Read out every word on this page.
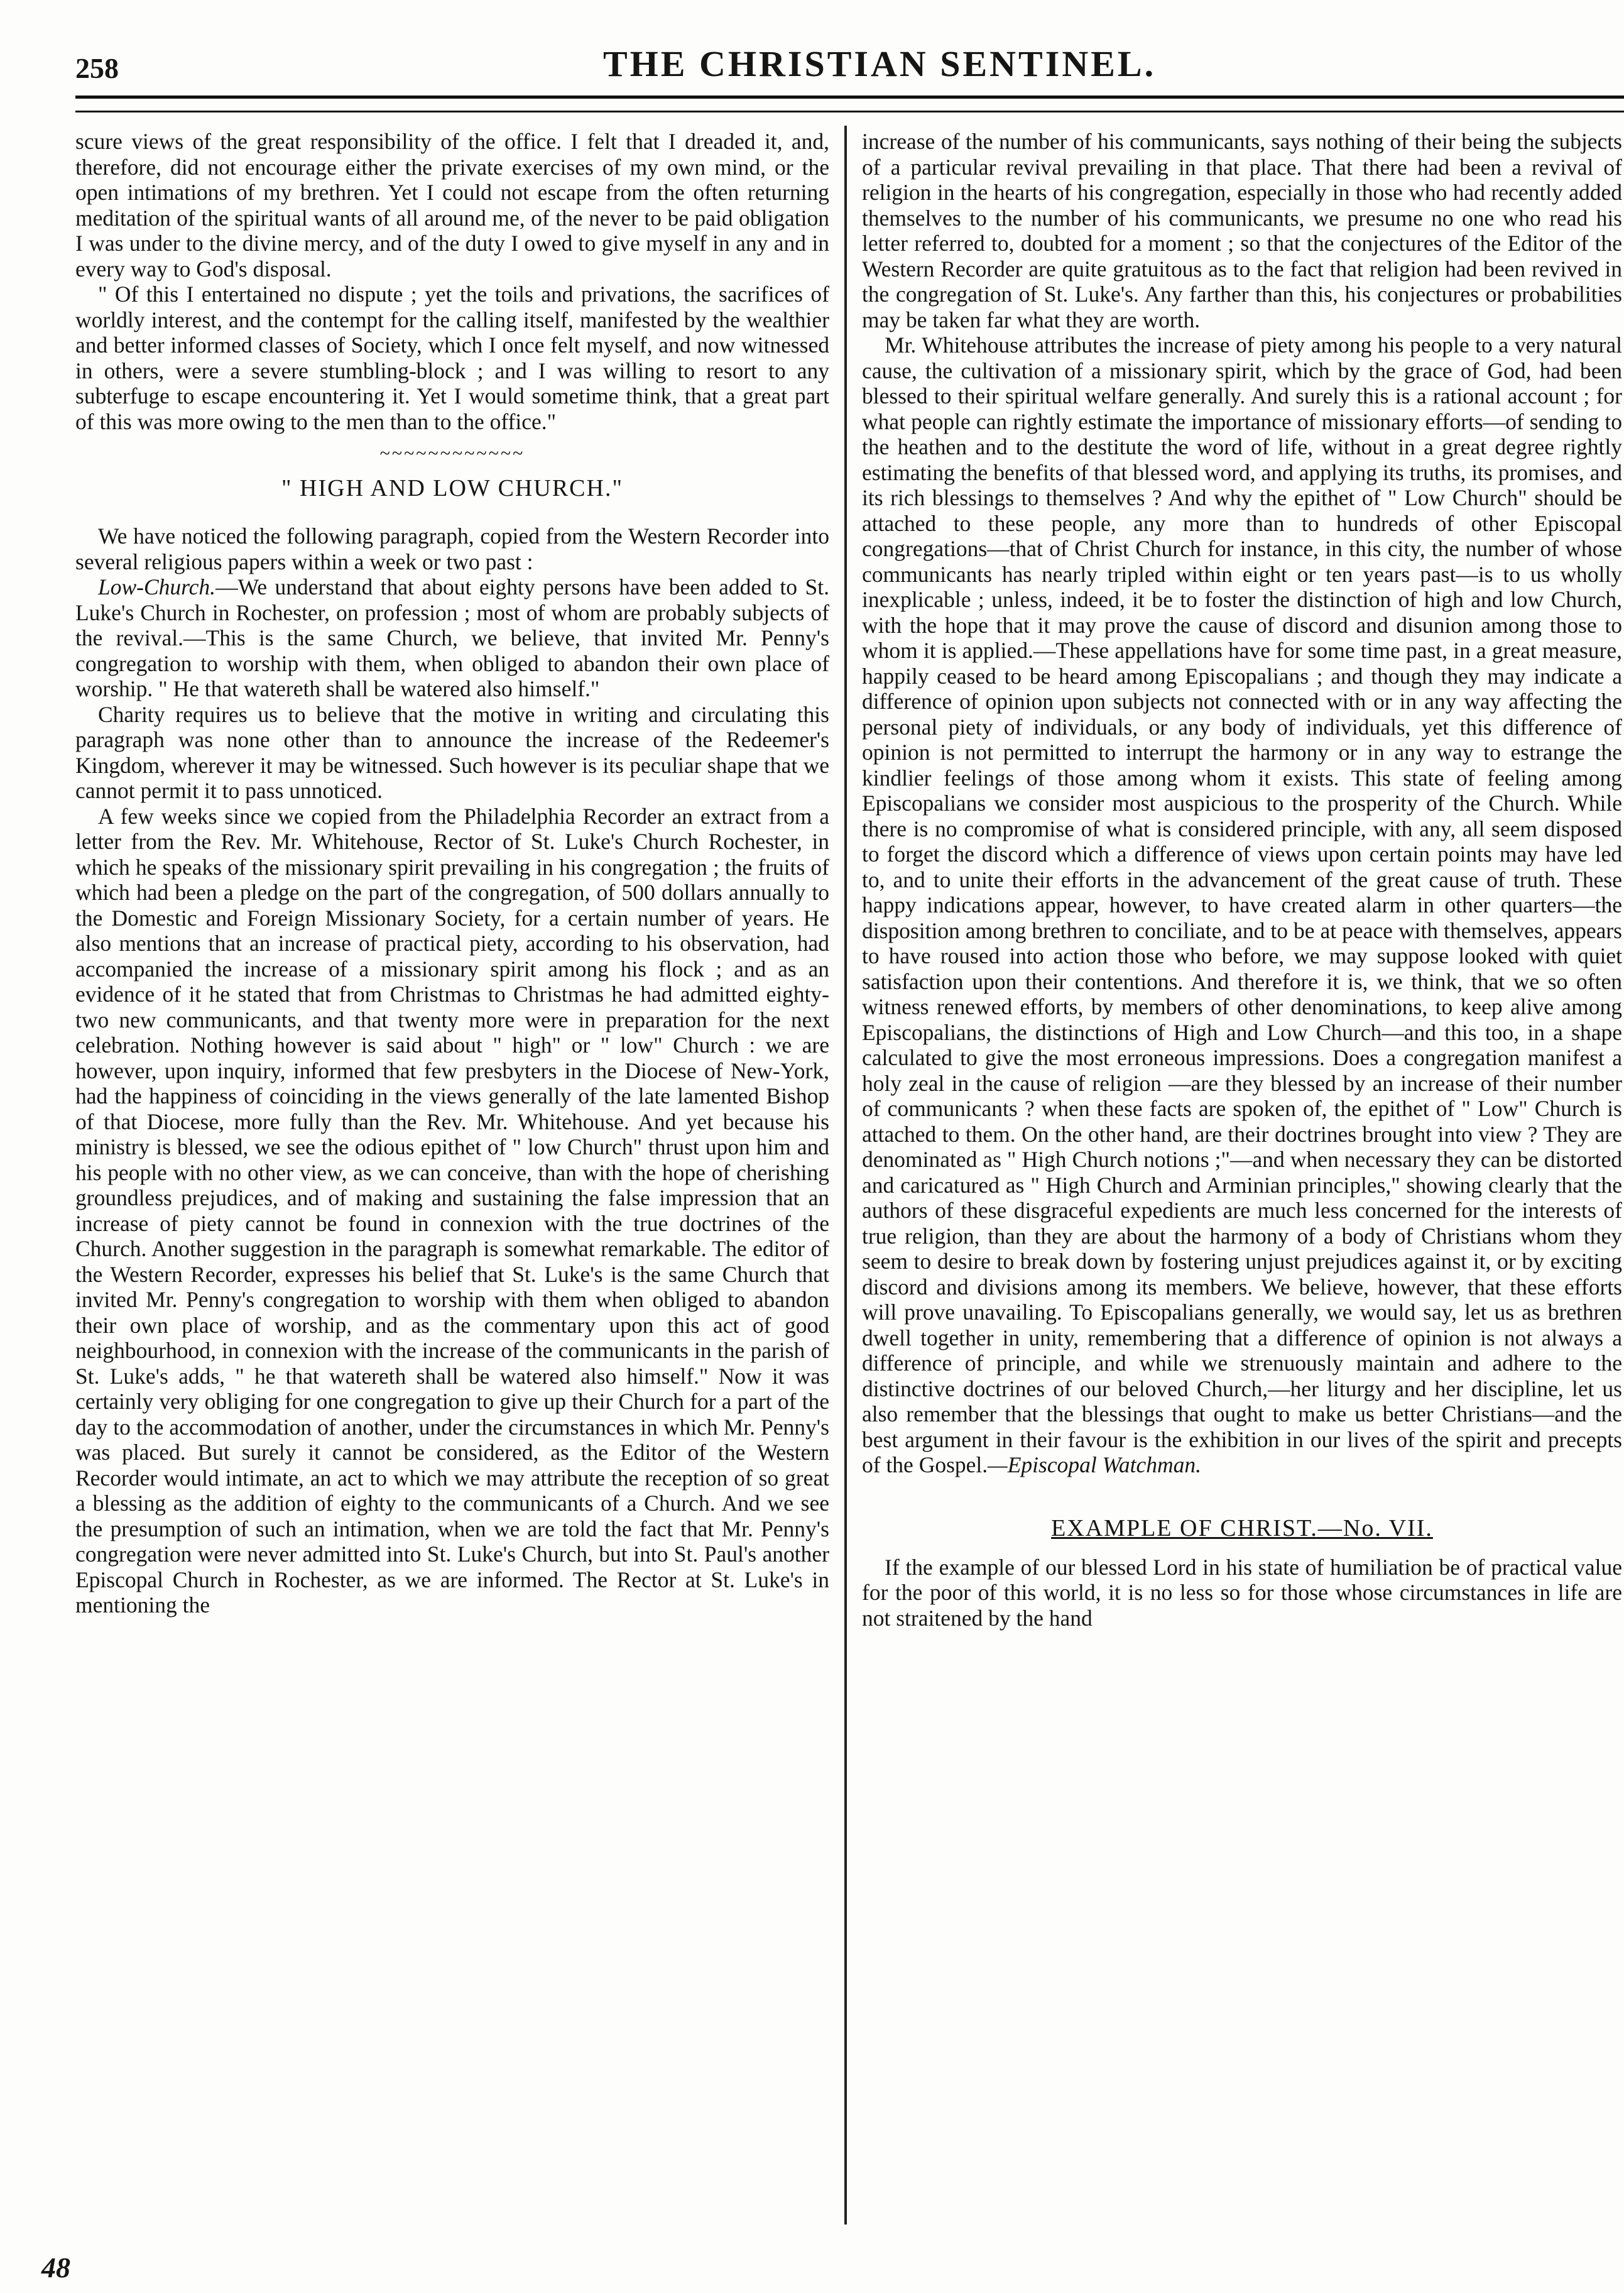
258	THE CHRISTIAN SENTINEL.

scure views of the great responsibility of the office. I felt that I dreaded it, and, therefore, did not encourage either the private exercises of my own mind, or the open intimations of my brethren. Yet I could not escape from the often returning meditation of the spiritual wants of all around me, of the never to be paid obligation I was under to the divine mercy, and of the duty I owed to give myself in any and in every way to God's disposal.

" Of this I entertained no dispute ; yet the toils and privations, the sacrifices of worldly interest, and the contempt for the calling itself, manifested by the wealthier and better informed classes of Society, which I once felt myself, and now witnessed in others, were a severe stumbling-block ; and I was willing to resort to any subterfuge to escape encountering it. Yet I would sometime think, that a great part of this was more owing to the men than to the office."

~~~~~~~~~~~~
" HIGH AND LOW CHURCH."

We have noticed the following paragraph, copied from the Western Recorder into several religious papers within a week or two past :

Low-Church.—We understand that about eighty persons have been added to St. Luke's Church in Rochester, on profession ; most of whom are probably subjects of the revival.—This is the same Church, we believe, that invited Mr. Penny's congregation to worship with them, when obliged to abandon their own place of worship. " He that watereth shall be watered also himself."

Charity requires us to believe that the motive in writing and circulating this paragraph was none other than to announce the increase of the Redeemer's Kingdom, wherever it may be witnessed. Such however is its peculiar shape that we cannot permit it to pass unnoticed.

A few weeks since we copied from the Philadelphia Recorder an extract from a letter from the Rev. Mr. Whitehouse, Rector of St. Luke's Church Rochester, in which he speaks of the missionary spirit prevailing in his congregation ; the fruits of which had been a pledge on the part of the congregation, of 500 dollars annually to the Domestic and Foreign Missionary Society, for a certain number of years. He also mentions that an increase of practical piety, according to his observation, had accompanied the increase of a missionary spirit among his flock ; and as an evidence of it he stated that from Christmas to Christmas he had admitted eighty-two new communicants, and that twenty more were in preparation for the next celebration. Nothing however is said about " high" or " low" Church : we are however, upon inquiry, informed that few presbyters in the Diocese of New-York, had the happiness of coinciding in the views generally of the late lamented Bishop of that Diocese, more fully than the Rev. Mr. Whitehouse. And yet because his ministry is blessed, we see the odious epithet of " low Church" thrust upon him and his people with no other view, as we can conceive, than with the hope of cherishing groundless prejudices, and of making and sustaining the false impression that an increase of piety cannot be found in connexion with the true doctrines of the Church. Another suggestion in the paragraph is somewhat remarkable. The editor of the Western Recorder, expresses his belief that St. Luke's is the same Church that invited Mr. Penny's congregation to worship with them when obliged to abandon their own place of worship, and as the commentary upon this act of good neighbourhood, in connexion with the increase of the communicants in the parish of St. Luke's adds, " he that watereth shall be watered also himself." Now it was certainly very obliging for one congregation to give up their Church for a part of the day to the accommodation of another, under the circumstances in which Mr. Penny's was placed. But surely it cannot be considered, as the Editor of the Western Recorder would intimate, an act to which we may attribute the reception of so great a blessing as the addition of eighty to the communicants of a Church. And we see the presumption of such an intimation, when we are told the fact that Mr. Penny's congregation were never admitted into St. Luke's Church, but into St. Paul's another Episcopal Church in Rochester, as we are informed. The Rector at St. Luke's in mentioning the

increase of the number of his communicants, says nothing of their being the subjects of a particular revival prevailing in that place. That there had been a revival of religion in the hearts of his congregation, especially in those who had recently added themselves to the number of his communicants, we presume no one who read his letter referred to, doubted for a moment ; so that the conjectures of the Editor of the Western Recorder are quite gratuitous as to the fact that religion had been revived in the congregation of St. Luke's. Any farther than this, his conjectures or probabilities may be taken far what they are worth.

Mr. Whitehouse attributes the increase of piety among his people to a very natural cause, the cultivation of a missionary spirit, which by the grace of God, had been blessed to their spiritual welfare generally. And surely this is a rational account ; for what people can rightly estimate the importance of missionary efforts—of sending to the heathen and to the destitute the word of life, without in a great degree rightly estimating the benefits of that blessed word, and applying its truths, its promises, and its rich blessings to themselves ? And why the epithet of " Low Church" should be attached to these people, any more than to hundreds of other Episcopal congregations—that of Christ Church for instance, in this city, the number of whose communicants has nearly tripled within eight or ten years past—is to us wholly inexplicable ; unless, indeed, it be to foster the distinction of high and low Church, with the hope that it may prove the cause of discord and disunion among those to whom it is applied.—These appellations have for some time past, in a great measure, happily ceased to be heard among Episcopalians ; and though they may indicate a difference of opinion upon subjects not connected with or in any way affecting the personal piety of individuals, or any body of individuals, yet this difference of opinion is not permitted to interrupt the harmony or in any way to estrange the kindlier feelings of those among whom it exists. This state of feeling among Episcopalians we consider most auspicious to the prosperity of the Church. While there is no compromise of what is considered principle, with any, all seem disposed to forget the discord which a difference of views upon certain points may have led to, and to unite their efforts in the advancement of the great cause of truth. These happy indications appear, however, to have created alarm in other quarters—the disposition among brethren to conciliate, and to be at peace with themselves, appears to have roused into action those who before, we may suppose looked with quiet satisfaction upon their contentions. And therefore it is, we think, that we so often witness renewed efforts, by members of other denominations, to keep alive among Episcopalians, the distinctions of High and Low Church—and this too, in a shape calculated to give the most erroneous impressions. Does a congregation manifest a holy zeal in the cause of religion —are they blessed by an increase of their number of communicants ? when these facts are spoken of, the epithet of " Low" Church is attached to them. On the other hand, are their doctrines brought into view ? They are denominated as " High Church notions ;"—and when necessary they can be distorted and caricatured as " High Church and Arminian principles," showing clearly that the authors of these disgraceful expedients are much less concerned for the interests of true religion, than they are about the harmony of a body of Christians whom they seem to desire to break down by fostering unjust prejudices against it, or by exciting discord and divisions among its members. We believe, however, that these efforts will prove unavailing. To Episcopalians generally, we would say, let us as brethren dwell together in unity, remembering that a difference of opinion is not always a difference of principle, and while we strenuously maintain and adhere to the distinctive doctrines of our beloved Church,—her liturgy and her discipline, let us also remember that the blessings that ought to make us better Christians—and the best argument in their favour is the exhibition in our lives of the spirit and precepts of the Gospel.—Episcopal Watchman.

EXAMPLE OF CHRIST.—No. VII.

If the example of our blessed Lord in his state of humiliation be of practical value for the poor of this world, it is no less so for those whose circumstances in life are not straitened by the hand

48
